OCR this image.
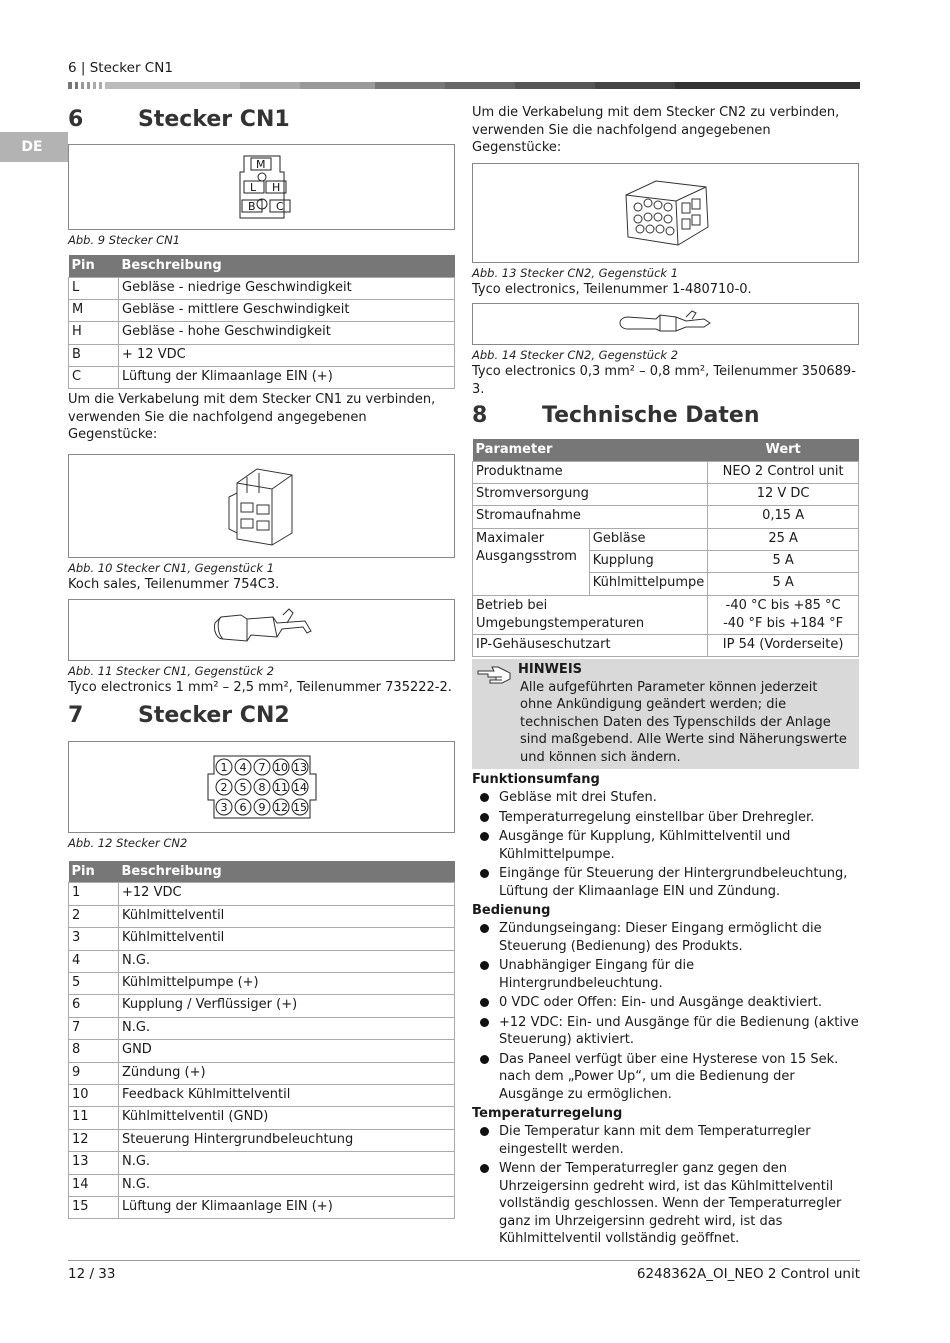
6 | Stecker CN1
DE
6	Stecker CN1
M
L H
B C
Abb. 9 Stecker CN1
Pin	Beschreibung
L	Gebläse - niedrige Geschwindigkeit
M	Gebläse - mittlere Geschwindigkeit
H	Gebläse - hohe Geschwindigkeit
B	+ 12 VDC
C	Lüftung der Klimaanlage EIN (+)
Um die Verkabelung mit dem Stecker CN1 zu verbinden, verwenden Sie die nachfolgend angegebenen Gegenstücke:
Abb. 10 Stecker CN1, Gegenstück 1
Koch sales, Teilenummer 754C3.
Abb. 11 Stecker CN1, Gegenstück 2
Tyco electronics 1 mm² – 2,5 mm², Teilenummer 735222-2.
7	Stecker CN2
1 4 7 10 13
2 5 8 11 14
3 6 9 12 15
Abb. 12 Stecker CN2
Pin	Beschreibung
1	+12 VDC
2	Kühlmittelventil
3	Kühlmittelventil
4	N.G.
5	Kühlmittelpumpe (+)
6	Kupplung / Verflüssiger (+)
7	N.G.
8	GND
9	Zündung (+)
10	Feedback Kühlmittelventil
11	Kühlmittelventil (GND)
12	Steuerung Hintergrundbeleuchtung
13	N.G.
14	N.G.
15	Lüftung der Klimaanlage EIN (+)
Um die Verkabelung mit dem Stecker CN2 zu verbinden, verwenden Sie die nachfolgend angegebenen Gegenstücke:
Abb. 13 Stecker CN2, Gegenstück 1
Tyco electronics, Teilenummer 1-480710-0.
Abb. 14 Stecker CN2, Gegenstück 2
Tyco electronics 0,3 mm² – 0,8 mm², Teilenummer 350689-3.
8	Technische Daten
Parameter		Wert
Produktname		NEO 2 Control unit
Stromversorgung		12 V DC
Stromaufnahme		0,15 A
Maximaler Ausgangsstrom	Gebläse	25 A
	Kupplung	5 A
	Kühlmittelpumpe	5 A
Betrieb bei Umgebungstemperaturen		-40 °C bis +85 °C
-40 °F bis +184 °F

IP-Gehäuseschutzart		IP 54 (Vorderseite)
HINWEIS
Alle aufgeführten Parameter können jederzeit ohne Ankündigung geändert werden; die technischen Daten des Typenschilds der Anlage sind maßgebend. Alle Werte sind Näherungswerte und können sich ändern.
Funktionsumfang
Gebläse mit drei Stufen.
Temperaturregelung einstellbar über Drehregler.
Ausgänge für Kupplung, Kühlmittelventil und Kühlmittelpumpe.
Eingänge für Steuerung der Hintergrundbeleuchtung, Lüftung der Klimaanlage EIN und Zündung.
Bedienung
Zündungseingang: Dieser Eingang ermöglicht die Steuerung (Bedienung) des Produkts.
Unabhängiger Eingang für die Hintergrundbeleuchtung.
0 VDC oder Offen: Ein- und Ausgänge deaktiviert.
+12 VDC: Ein- und Ausgänge für die Bedienung (aktive Steuerung) aktiviert.
Das Paneel verfügt über eine Hysterese von 15 Sek. nach dem „Power Up“, um die Bedienung der Ausgänge zu ermöglichen.
Temperaturregelung
Die Temperatur kann mit dem Temperaturregler eingestellt werden.
Wenn der Temperaturregler ganz gegen den Uhrzeigersinn gedreht wird, ist das Kühlmittelventil vollständig geschlossen. Wenn der Temperaturregler ganz im Uhrzeigersinn gedreht wird, ist das Kühlmittelventil vollständig geöffnet.
12 / 33	6248362A_OI_NEO 2 Control unit
